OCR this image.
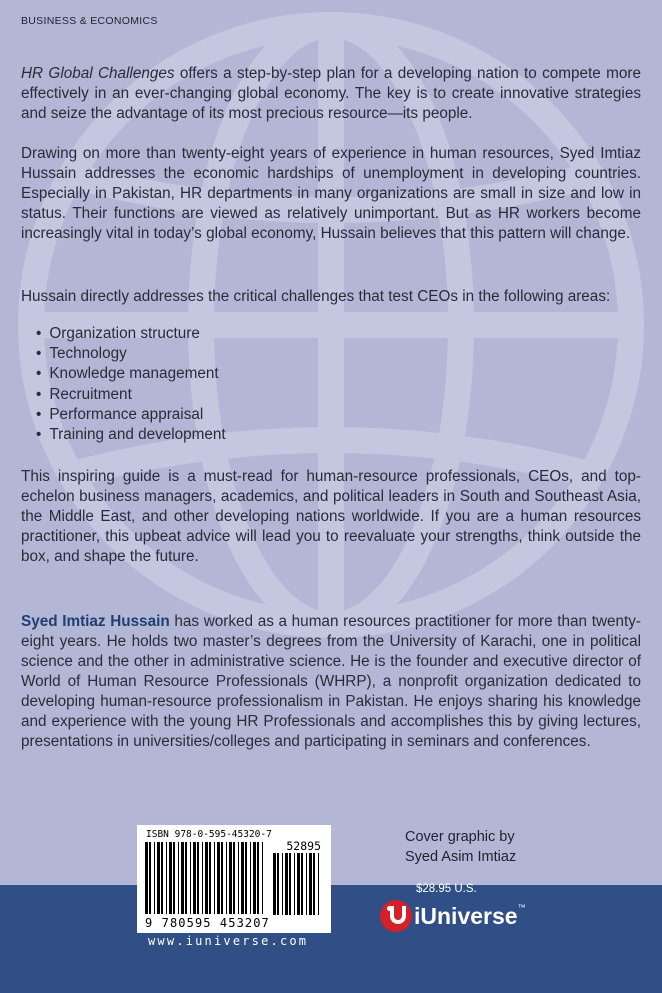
BUSINESS & ECONOMICS

HR Global Challenges offers a step-by-step plan for a developing nation to compete more effectively in an ever-changing global economy. The key is to create innovative strategies and seize the advantage of its most precious resource—its people.

Drawing on more than twenty-eight years of experience in human resources, Syed Imtiaz Hussain addresses the economic hardships of unemployment in developing countries. Especially in Pakistan, HR departments in many organizations are small in size and low in status. Their functions are viewed as relatively unimportant. But as HR workers become increasingly vital in today’s global economy, Hussain believes that this pattern will change.

Hussain directly addresses the critical challenges that test CEOs in the following areas:

• Organization structure
• Technology
• Knowledge management
• Recruitment
• Performance appraisal
• Training and development

This inspiring guide is a must-read for human-resource professionals, CEOs, and top-echelon business managers, academics, and political leaders in South and Southeast Asia, the Middle East, and other developing nations worldwide. If you are a human resources practitioner, this upbeat advice will lead you to reevaluate your strengths, think outside the box, and shape the future.

Syed Imtiaz Hussain has worked as a human resources practitioner for more than twenty-eight years. He holds two master’s degrees from the University of Karachi, one in political science and the other in administrative science. He is the founder and executive director of World of Human Resource Professionals (WHRP), a nonprofit organization dedicated to developing human-resource professionalism in Pakistan. He enjoys sharing his knowledge and experience with the young HR Professionals and accomplishes this by giving lectures, presentations in universities/colleges and participating in seminars and conferences.

ISBN 978-0-595-45320-7
52895
9 780595 453207
www.iuniverse.com
Cover graphic by
Syed Asim Imtiaz
$28.95 U.S.
iUniverse™
